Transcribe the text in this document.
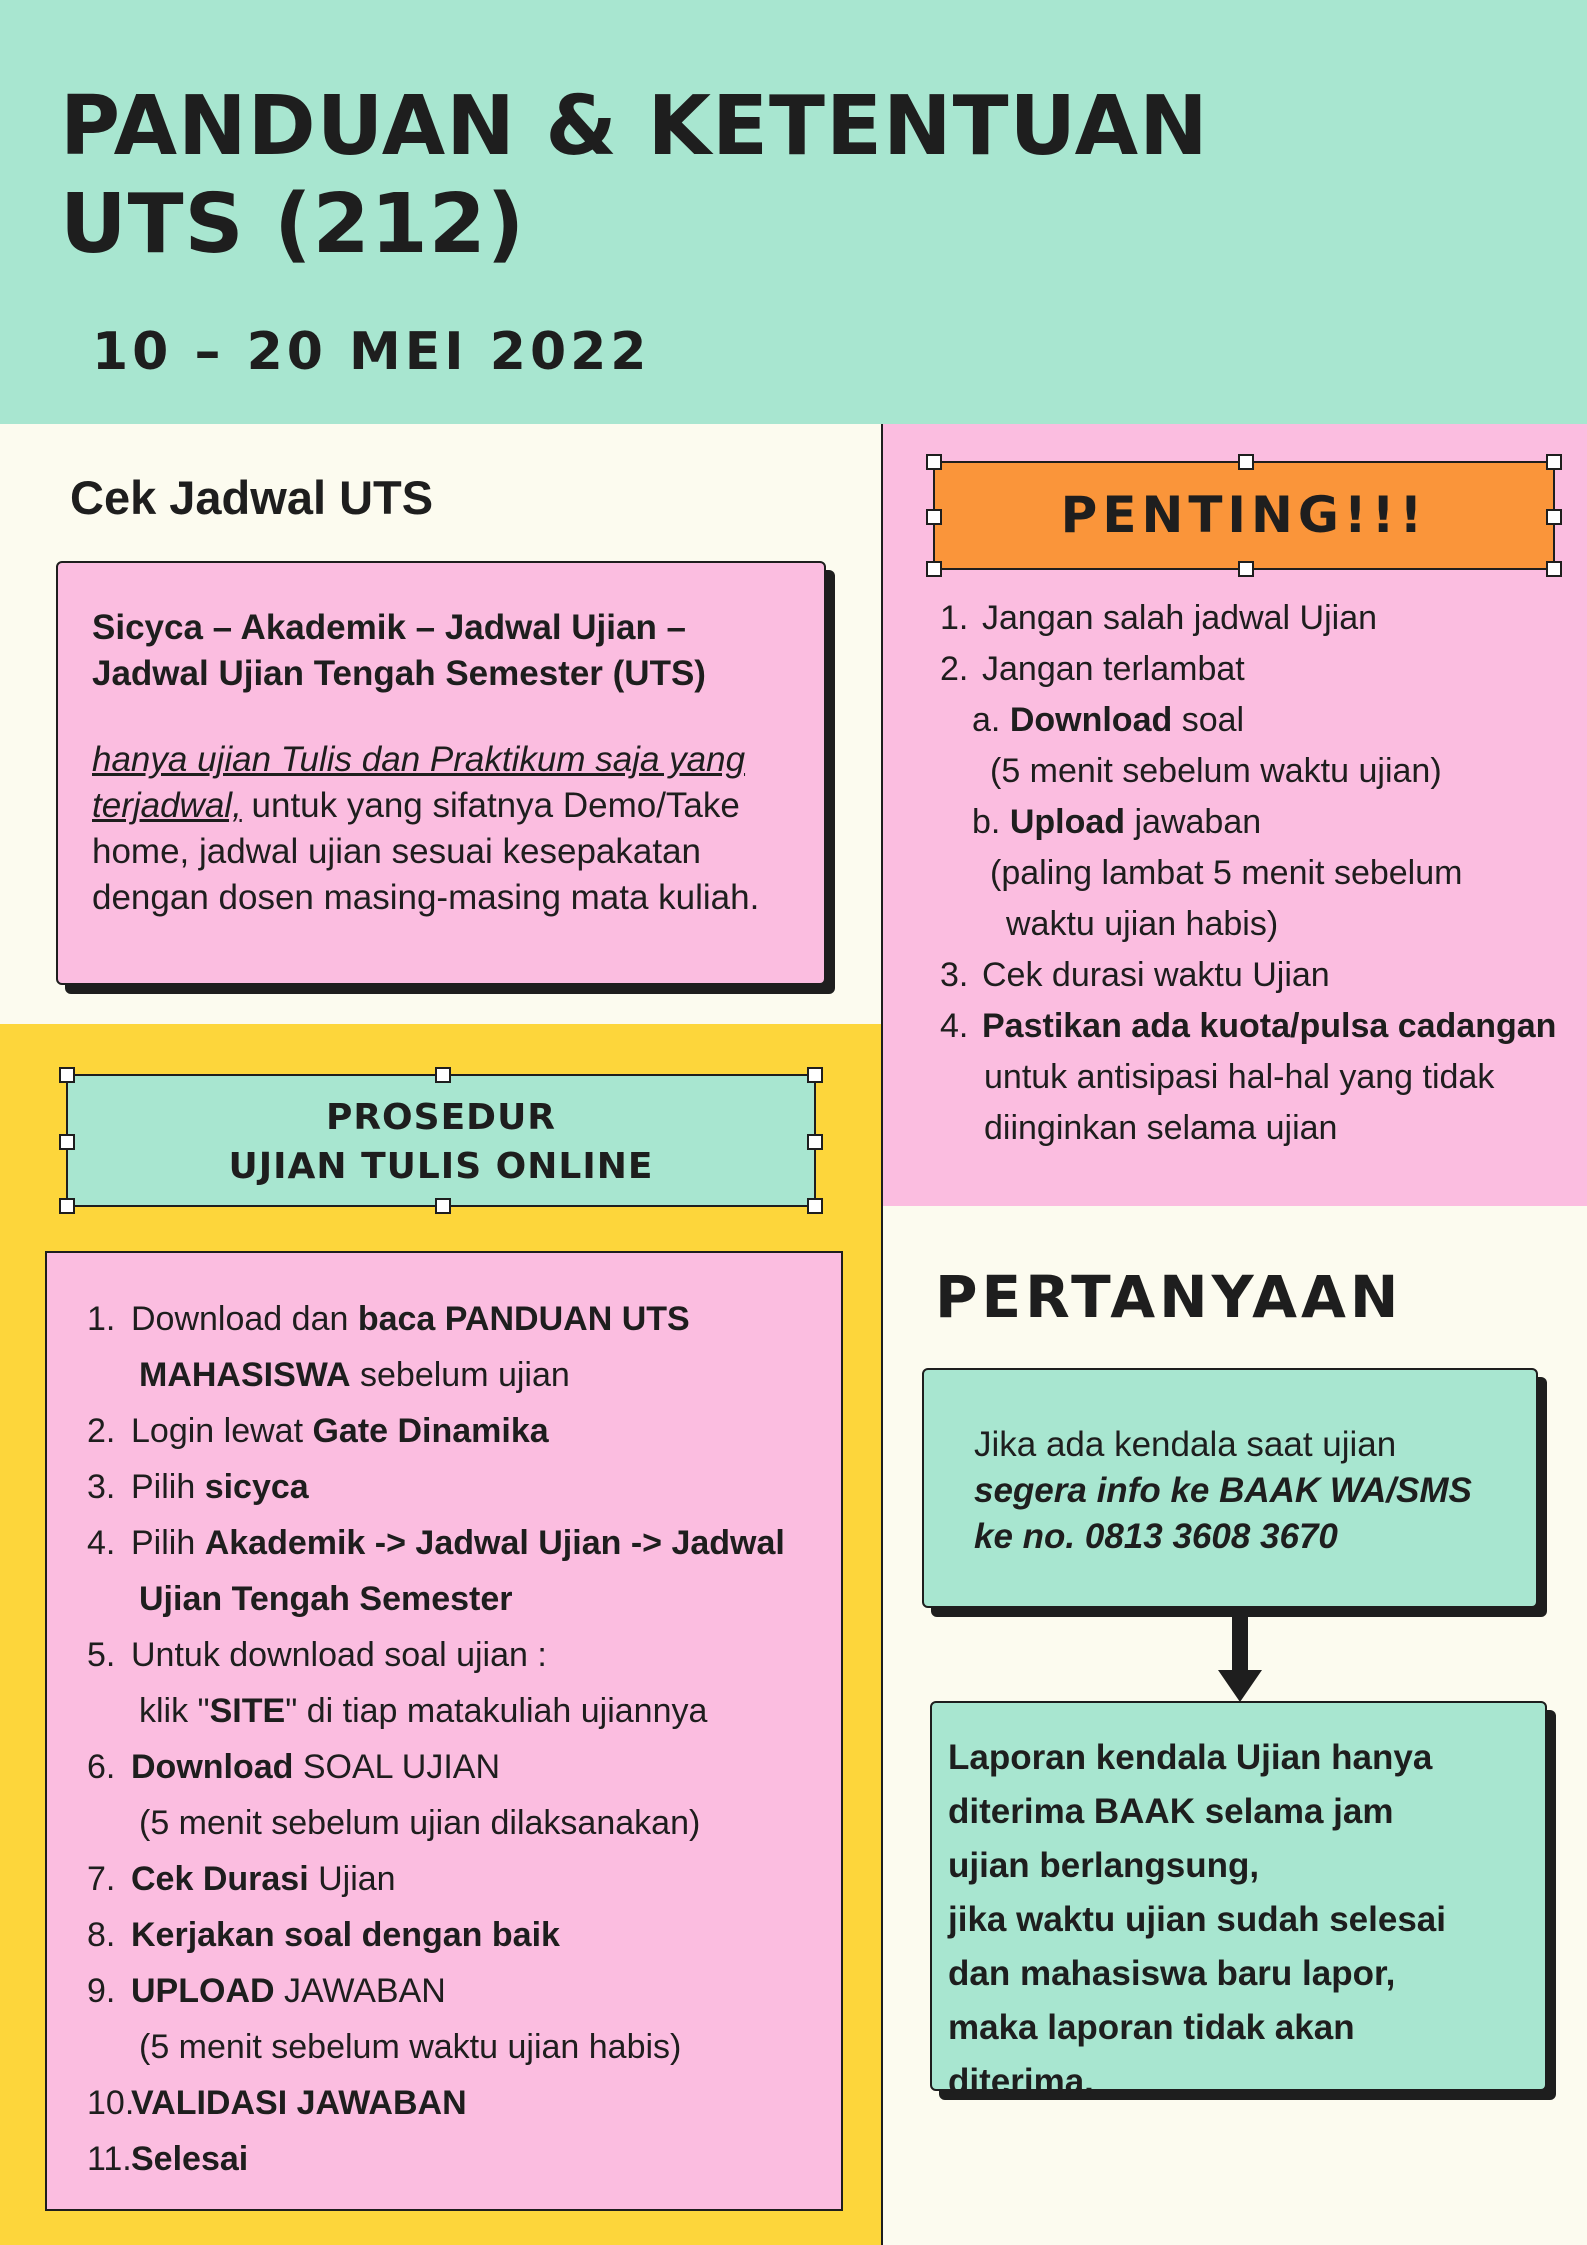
PANDUAN & KETENTUAN
UTS (212)
10 – 20 MEI 2022
Cek Jadwal UTS
Sicyca – Akademik – Jadwal Ujian –
Jadwal Ujian Tengah Semester (UTS)
hanya ujian Tulis dan Praktikum saja yang terjadwal, untuk yang sifatnya Demo/Take home, jadwal ujian sesuai kesepakatan dengan dosen masing-masing mata kuliah.
PROSEDUR
UJIAN TULIS ONLINE
1. Download dan baca PANDUAN UTS
MAHASISWA sebelum ujian
2. Login lewat Gate Dinamika
3. Pilih sicyca
4. Pilih Akademik -> Jadwal Ujian -> Jadwal
Ujian Tengah Semester
5. Untuk download soal ujian :
klik "SITE" di tiap matakuliah ujiannya
6. Download SOAL UJIAN
(5 menit sebelum ujian dilaksanakan)
7. Cek Durasi Ujian
8. Kerjakan soal dengan baik
9. UPLOAD JAWABAN
(5 menit sebelum waktu ujian habis)
10.
VALIDASI JAWABAN
11. Selesai
PENTING!!!
1. Jangan salah jadwal Ujian
2. Jangan terlambat
a. Download soal
(5 menit sebelum waktu ujian)
b. Upload jawaban
(paling lambat 5 menit sebelum
waktu ujian habis)
3. Cek durasi waktu Ujian
4. Pastikan ada kuota/pulsa cadangan
untuk antisipasi hal-hal yang tidak
diinginkan selama ujian
PERTANYAAN
Jika ada kendala saat ujian
segera info ke BAAK WA/SMS
ke no. 0813 3608 3670
Laporan kendala Ujian hanya
diterima BAAK selama jam
ujian berlangsung,
jika waktu ujian sudah selesai
dan mahasiswa baru lapor,
maka laporan tidak akan
diterima.
